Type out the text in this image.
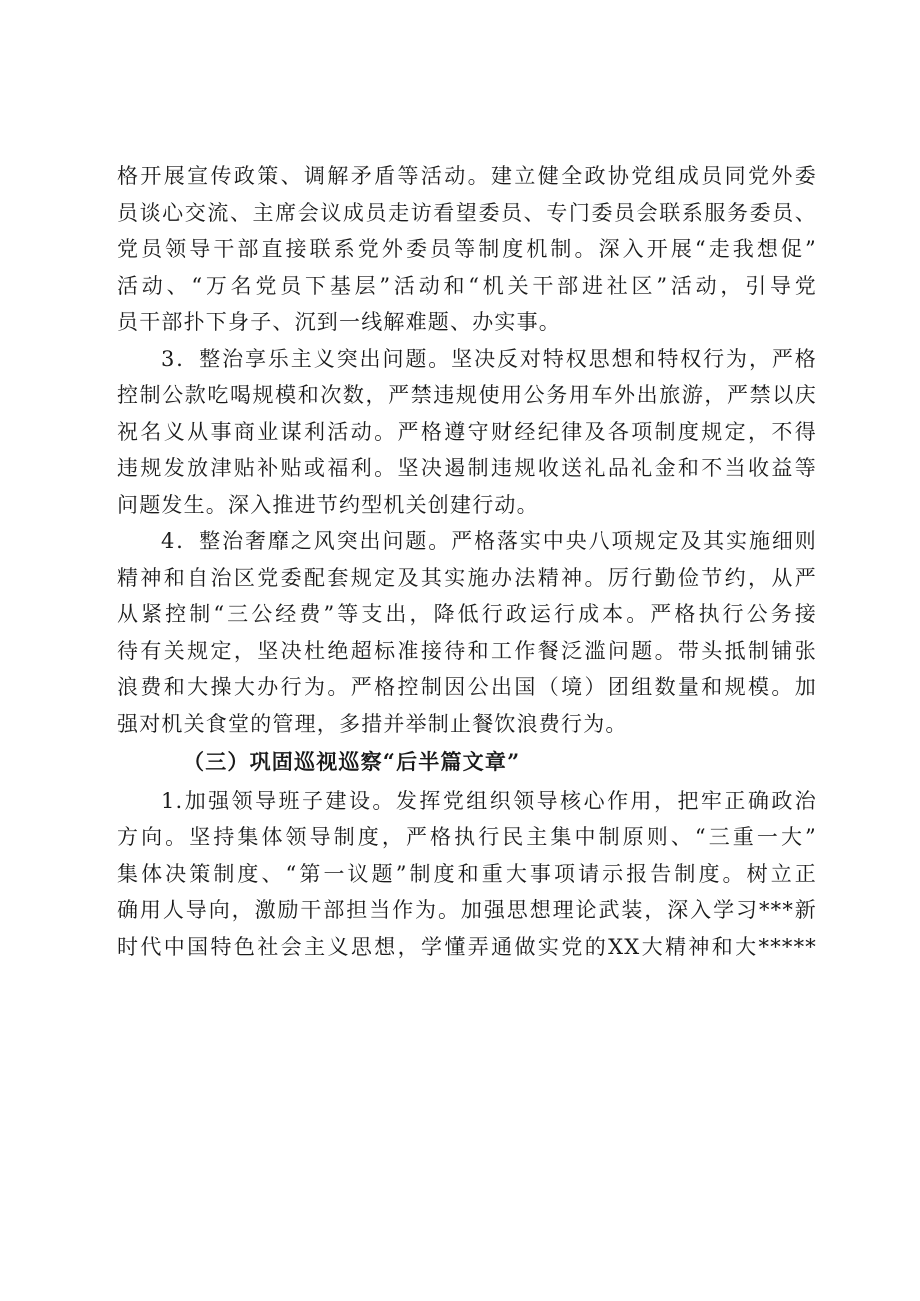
格开展宣传政策、调解矛盾等活动。建立健全政协党组成员同党外委
员谈心交流、主席会议成员走访看望委员、专门委员会联系服务委员、
党员领导干部直接联系党外委员等制度机制。深入开展“走我想促”
活动、“万名党员下基层”活动和“机关干部进社区”活动，引导党
员干部扑下身子、沉到一线解难题、办实事。
3．整治享乐主义突出问题。坚决反对特权思想和特权行为，严格
控制公款吃喝规模和次数，严禁违规使用公务用车外出旅游，严禁以庆
祝名义从事商业谋利活动。严格遵守财经纪律及各项制度规定，不得
违规发放津贴补贴或福利。坚决遏制违规收送礼品礼金和不当收益等
问题发生。深入推进节约型机关创建行动。
4．整治奢靡之风突出问题。严格落实中央八项规定及其实施细则
精神和自治区党委配套规定及其实施办法精神。厉行勤俭节约，从严
从紧控制“三公经费”等支出，降低行政运行成本。严格执行公务接
待有关规定，坚决杜绝超标准接待和工作餐泛滥问题。带头抵制铺张
浪费和大操大办行为。严格控制因公出国（境）团组数量和规模。加
强对机关食堂的管理，多措并举制止餐饮浪费行为。
（三）巩固巡视巡察“后半篇文章”
1.加强领导班子建设。发挥党组织领导核心作用，把牢正确政治
方向。坚持集体领导制度，严格执行民主集中制原则、“三重一大”
集体决策制度、“第一议题”制度和重大事项请示报告制度。树立正
确用人导向，激励干部担当作为。加强思想理论武装，深入学习***新
时代中国特色社会主义思想，学懂弄通做实党的XX大精神和大*****
